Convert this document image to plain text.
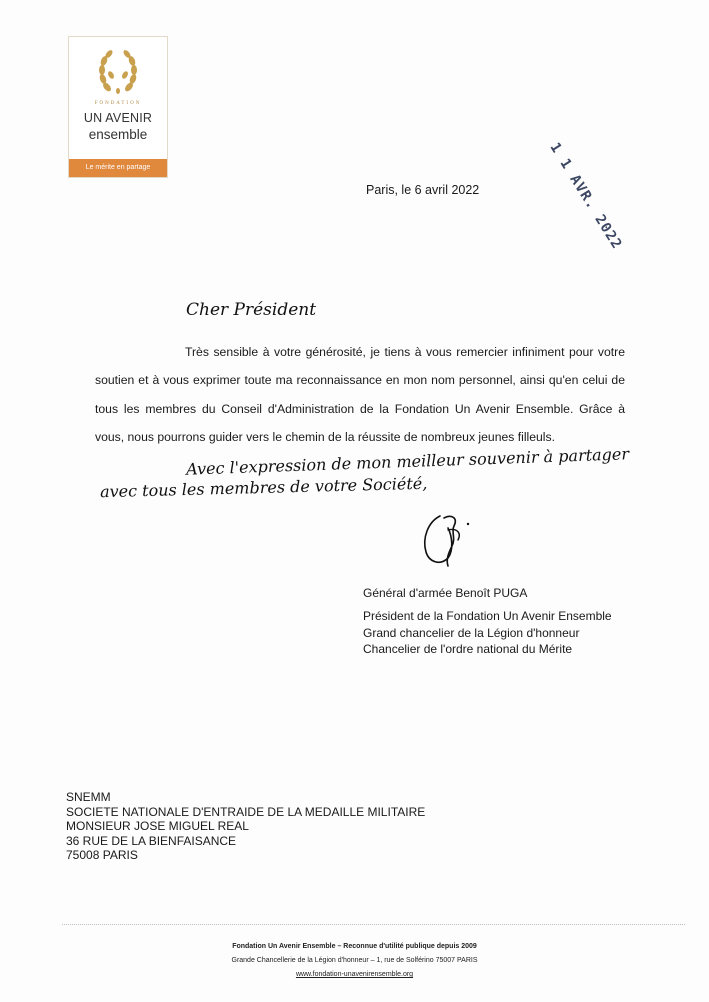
FONDATION
UN AVENIR
ensemble
Le mérite en partage	1 1 AVR. 2022
Paris, le 6 avril 2022
Cher Président

Très sensible à votre générosité, je tiens à vous remercier infiniment pour votre soutien et à vous exprimer toute ma reconnaissance en mon nom personnel, ainsi qu'en celui de tous les membres du Conseil d'Administration de la Fondation Un Avenir Ensemble. Grâce à vous, nous pourrons guider vers le chemin de la réussite de nombreux jeunes filleuls.

Avec l'expression de mon meilleur souvenir à partager
avec tous les membres de votre Société,
Général d'armée Benoît PUGA
Président de la Fondation Un Avenir Ensemble
Grand chancelier de la Légion d'honneur
Chancelier de l'ordre national du Mérite
SNEMM
SOCIETE NATIONALE D'ENTRAIDE DE LA MEDAILLE MILITAIRE
MONSIEUR JOSE MIGUEL REAL
36 RUE DE LA BIENFAISANCE
75008 PARIS
Fondation Un Avenir Ensemble – Reconnue d'utilité publique depuis 2009
Grande Chancellerie de la Légion d'honneur – 1, rue de Solférino 75007 PARIS
www.fondation-unavenirensemble.org
